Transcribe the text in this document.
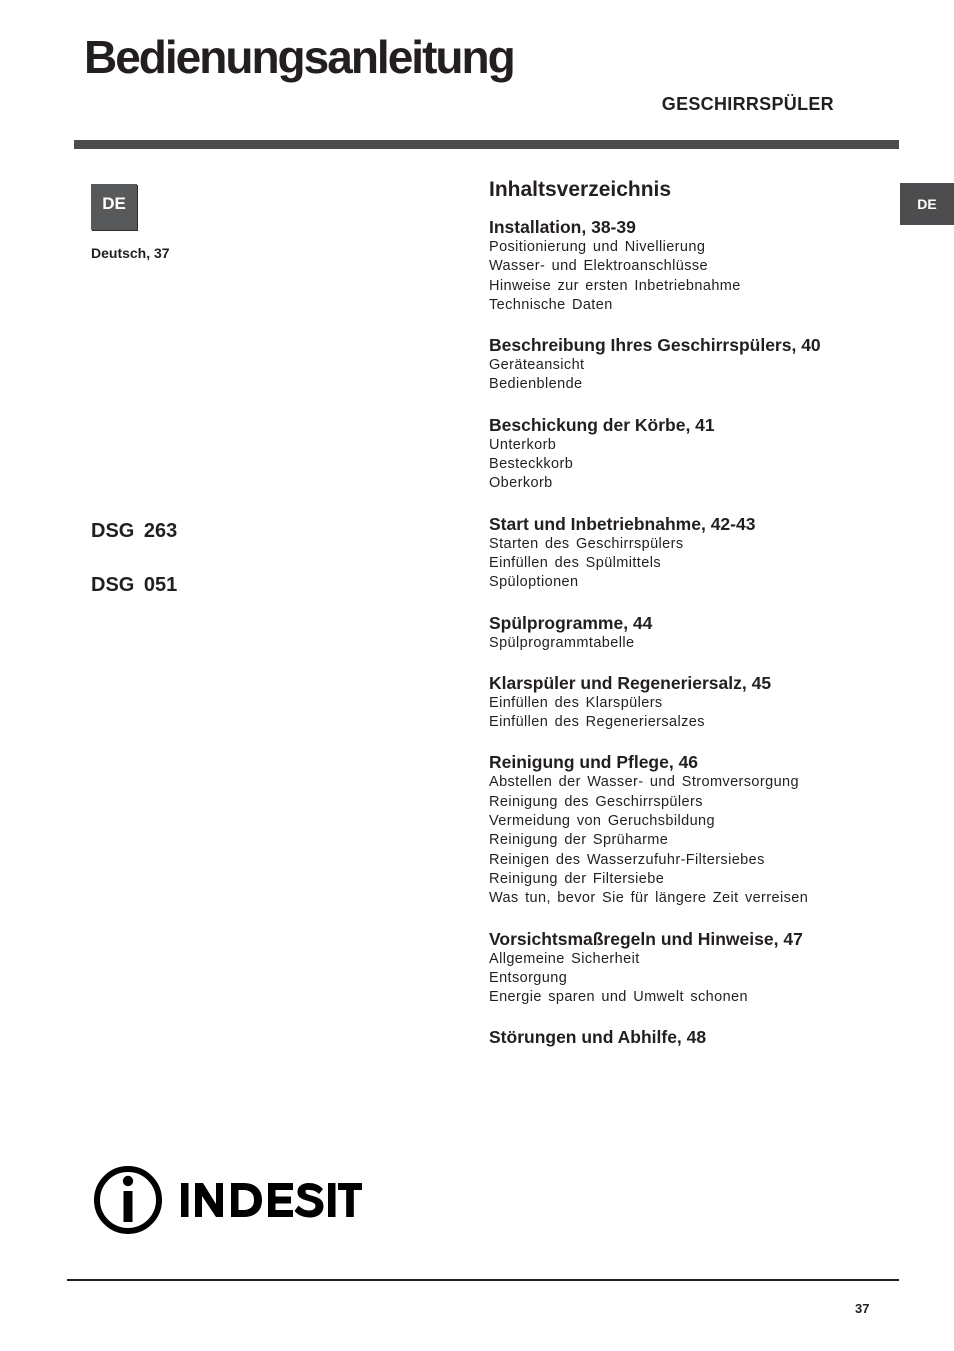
Bedienungsanleitung
GESCHIRRSPÜLER
DE
Deutsch, 37
DSG 263
DSG 051
DE
Inhaltsverzeichnis
Installation, 38-39
Positionierung und Nivellierung
Wasser- und Elektroanschlüsse
Hinweise zur ersten Inbetriebnahme
Technische Daten
Beschreibung Ihres Geschirrspülers, 40
Geräteansicht
Bedienblende
Beschickung der Körbe, 41
Unterkorb
Besteckkorb
Oberkorb
Start und Inbetriebnahme, 42-43
Starten des Geschirrspülers
Einfüllen des Spülmittels
Spüloptionen
Spülprogramme, 44
Spülprogrammtabelle
Klarspüler und Regeneriersalz, 45
Einfüllen des Klarspülers
Einfüllen des Regeneriersalzes
Reinigung und Pflege, 46
Abstellen der Wasser- und Stromversorgung
Reinigung des Geschirrspülers
Vermeidung von Geruchsbildung
Reinigung der Sprüharme
Reinigen des Wasserzufuhr-Filtersiebes
Reinigung der Filtersiebe
Was tun, bevor Sie für längere Zeit verreisen
Vorsichtsmaßregeln und Hinweise, 47
Allgemeine Sicherheit
Entsorgung
Energie sparen und Umwelt schonen
Störungen und Abhilfe, 48
37
